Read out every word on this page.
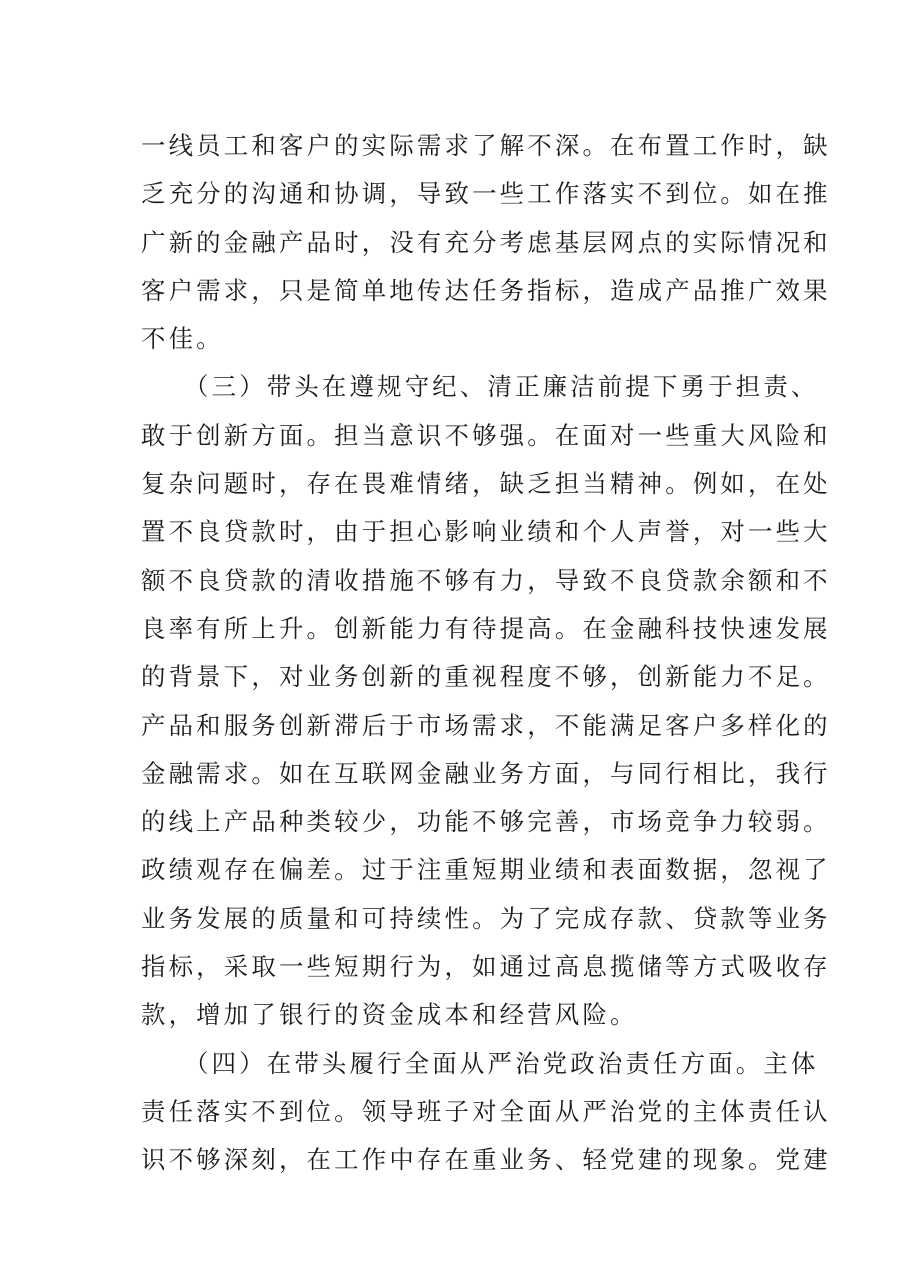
一线员工和客户的实际需求了解不深。在布置工作时，缺
乏充分的沟通和协调，导致一些工作落实不到位。如在推
广新的金融产品时，没有充分考虑基层网点的实际情况和
客户需求，只是简单地传达任务指标，造成产品推广效果
不佳。
　　（三）带头在遵规守纪、清正廉洁前提下勇于担责、
敢于创新方面。担当意识不够强。在面对一些重大风险和
复杂问题时，存在畏难情绪，缺乏担当精神。例如，在处
置不良贷款时，由于担心影响业绩和个人声誉，对一些大
额不良贷款的清收措施不够有力，导致不良贷款余额和不
良率有所上升。创新能力有待提高。在金融科技快速发展
的背景下，对业务创新的重视程度不够，创新能力不足。
产品和服务创新滞后于市场需求，不能满足客户多样化的
金融需求。如在互联网金融业务方面，与同行相比，我行
的线上产品种类较少，功能不够完善，市场竞争力较弱。
政绩观存在偏差。过于注重短期业绩和表面数据，忽视了
业务发展的质量和可持续性。为了完成存款、贷款等业务
指标，采取一些短期行为，如通过高息揽储等方式吸收存
款，增加了银行的资金成本和经营风险。
　　（四）在带头履行全面从严治党政治责任方面。主体
责任落实不到位。领导班子对全面从严治党的主体责任认
识不够深刻，在工作中存在重业务、轻党建的现象。党建
